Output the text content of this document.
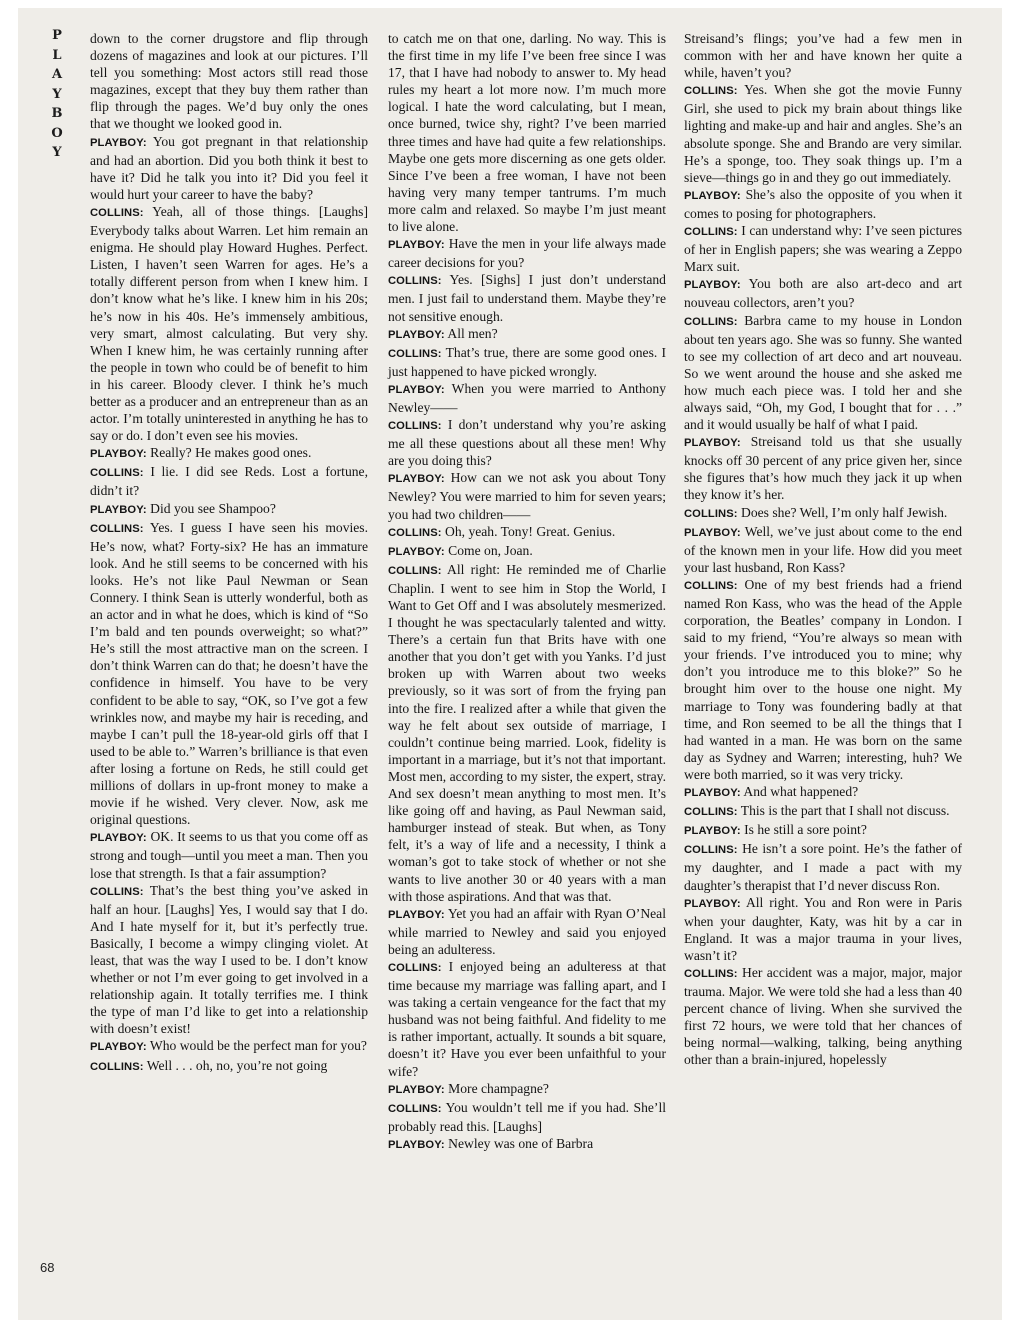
P
L
A
Y
B
O
Y
68

down to the corner drugstore and flip through dozens of magazines and look at our pictures. I’ll tell you something: Most actors still read those magazines, except that they buy them rather than flip through the pages. We’d buy only the ones that we thought we looked good in.

PLAYBOY: You got pregnant in that relationship and had an abortion. Did you both think it best to have it? Did he talk you into it? Did you feel it would hurt your career to have the baby?

COLLINS: Yeah, all of those things. [Laughs] Everybody talks about Warren. Let him remain an enigma. He should play Howard Hughes. Perfect. Listen, I haven’t seen Warren for ages. He’s a totally different person from when I knew him. I don’t know what he’s like. I knew him in his 20s; he’s now in his 40s. He’s immensely ambitious, very smart, almost calculating. But very shy. When I knew him, he was certainly running after the people in town who could be of benefit to him in his career. Bloody clever. I think he’s much better as a producer and an entrepreneur than as an actor. I’m totally uninterested in anything he has to say or do. I don’t even see his movies.

PLAYBOY: Really? He makes good ones.

COLLINS: I lie. I did see Reds. Lost a fortune, didn’t it?

PLAYBOY: Did you see Shampoo?

COLLINS: Yes. I guess I have seen his movies. He’s now, what? Forty-six? He has an immature look. And he still seems to be concerned with his looks. He’s not like Paul Newman or Sean Connery. I think Sean is utterly wonderful, both as an actor and in what he does, which is kind of “So I’m bald and ten pounds overweight; so what?” He’s still the most attractive man on the screen. I don’t think Warren can do that; he doesn’t have the confidence in himself. You have to be very confident to be able to say, “OK, so I’ve got a few wrinkles now, and maybe my hair is receding, and maybe I can’t pull the 18-year-old girls off that I used to be able to.” Warren’s brilliance is that even after losing a fortune on Reds, he still could get millions of dollars in up-front money to make a movie if he wished. Very clever. Now, ask me original questions.

PLAYBOY: OK. It seems to us that you come off as strong and tough—until you meet a man. Then you lose that strength. Is that a fair assumption?

COLLINS: That’s the best thing you’ve asked in half an hour. [Laughs] Yes, I would say that I do. And I hate myself for it, but it’s perfectly true. Basically, I become a wimpy clinging violet. At least, that was the way I used to be. I don’t know whether or not I’m ever going to get involved in a relationship again. It totally terrifies me. I think the type of man I’d like to get into a relationship with doesn’t exist!

PLAYBOY: Who would be the perfect man for you?

COLLINS: Well . . . oh, no, you’re not going

to catch me on that one, darling. No way. This is the first time in my life I’ve been free since I was 17, that I have had nobody to answer to. My head rules my heart a lot more now. I’m much more logical. I hate the word calculating, but I mean, once burned, twice shy, right? I’ve been married three times and have had quite a few relationships. Maybe one gets more discerning as one gets older. Since I’ve been a free woman, I have not been having very many temper tantrums. I’m much more calm and relaxed. So maybe I’m just meant to live alone.

PLAYBOY: Have the men in your life always made career decisions for you?

COLLINS: Yes. [Sighs] I just don’t understand men. I just fail to understand them. Maybe they’re not sensitive enough.

PLAYBOY: All men?

COLLINS: That’s true, there are some good ones. I just happened to have picked wrongly.

PLAYBOY: When you were married to Anthony Newley——

COLLINS: I don’t understand why you’re asking me all these questions about all these men! Why are you doing this?

PLAYBOY: How can we not ask you about Tony Newley? You were married to him for seven years; you had two children——

COLLINS: Oh, yeah. Tony! Great. Genius.

PLAYBOY: Come on, Joan.

COLLINS: All right: He reminded me of Charlie Chaplin. I went to see him in Stop the World, I Want to Get Off and I was absolutely mesmerized. I thought he was spectacularly talented and witty. There’s a certain fun that Brits have with one another that you don’t get with you Yanks. I’d just broken up with Warren about two weeks previously, so it was sort of from the frying pan into the fire. I realized after a while that given the way he felt about sex outside of marriage, I couldn’t continue being married. Look, fidelity is important in a marriage, but it’s not that important. Most men, according to my sister, the expert, stray. And sex doesn’t mean anything to most men. It’s like going off and having, as Paul Newman said, hamburger instead of steak. But when, as Tony felt, it’s a way of life and a necessity, I think a woman’s got to take stock of whether or not she wants to live another 30 or 40 years with a man with those aspirations. And that was that.

PLAYBOY: Yet you had an affair with Ryan O’Neal while married to Newley and said you enjoyed being an adulteress.

COLLINS: I enjoyed being an adulteress at that time because my marriage was falling apart, and I was taking a certain vengeance for the fact that my husband was not being faithful. And fidelity to me is rather important, actually. It sounds a bit square, doesn’t it? Have you ever been unfaithful to your wife?

PLAYBOY: More champagne?

COLLINS: You wouldn’t tell me if you had. She’ll probably read this. [Laughs]

PLAYBOY: Newley was one of Barbra

Streisand’s flings; you’ve had a few men in common with her and have known her quite a while, haven’t you?

COLLINS: Yes. When she got the movie Funny Girl, she used to pick my brain about things like lighting and make-up and hair and angles. She’s an absolute sponge. She and Brando are very similar. He’s a sponge, too. They soak things up. I’m a sieve—things go in and they go out immediately.

PLAYBOY: She’s also the opposite of you when it comes to posing for photographers.

COLLINS: I can understand why: I’ve seen pictures of her in English papers; she was wearing a Zeppo Marx suit.

PLAYBOY: You both are also art-deco and art nouveau collectors, aren’t you?

COLLINS: Barbra came to my house in London about ten years ago. She was so funny. She wanted to see my collection of art deco and art nouveau. So we went around the house and she asked me how much each piece was. I told her and she always said, “Oh, my God, I bought that for . . .” and it would usually be half of what I paid.

PLAYBOY: Streisand told us that she usually knocks off 30 percent of any price given her, since she figures that’s how much they jack it up when they know it’s her.

COLLINS: Does she? Well, I’m only half Jewish.

PLAYBOY: Well, we’ve just about come to the end of the known men in your life. How did you meet your last husband, Ron Kass?

COLLINS: One of my best friends had a friend named Ron Kass, who was the head of the Apple corporation, the Beatles’ company in London. I said to my friend, “You’re always so mean with your friends. I’ve introduced you to mine; why don’t you introduce me to this bloke?” So he brought him over to the house one night. My marriage to Tony was foundering badly at that time, and Ron seemed to be all the things that I had wanted in a man. He was born on the same day as Sydney and Warren; interesting, huh? We were both married, so it was very tricky.

PLAYBOY: And what happened?

COLLINS: This is the part that I shall not discuss.

PLAYBOY: Is he still a sore point?

COLLINS: He isn’t a sore point. He’s the father of my daughter, and I made a pact with my daughter’s therapist that I’d never discuss Ron.

PLAYBOY: All right. You and Ron were in Paris when your daughter, Katy, was hit by a car in England. It was a major trauma in your lives, wasn’t it?

COLLINS: Her accident was a major, major, major trauma. Major. We were told she had a less than 40 percent chance of living. When she survived the first 72 hours, we were told that her chances of being normal—walking, talking, being anything other than a brain-injured, hopelessly
